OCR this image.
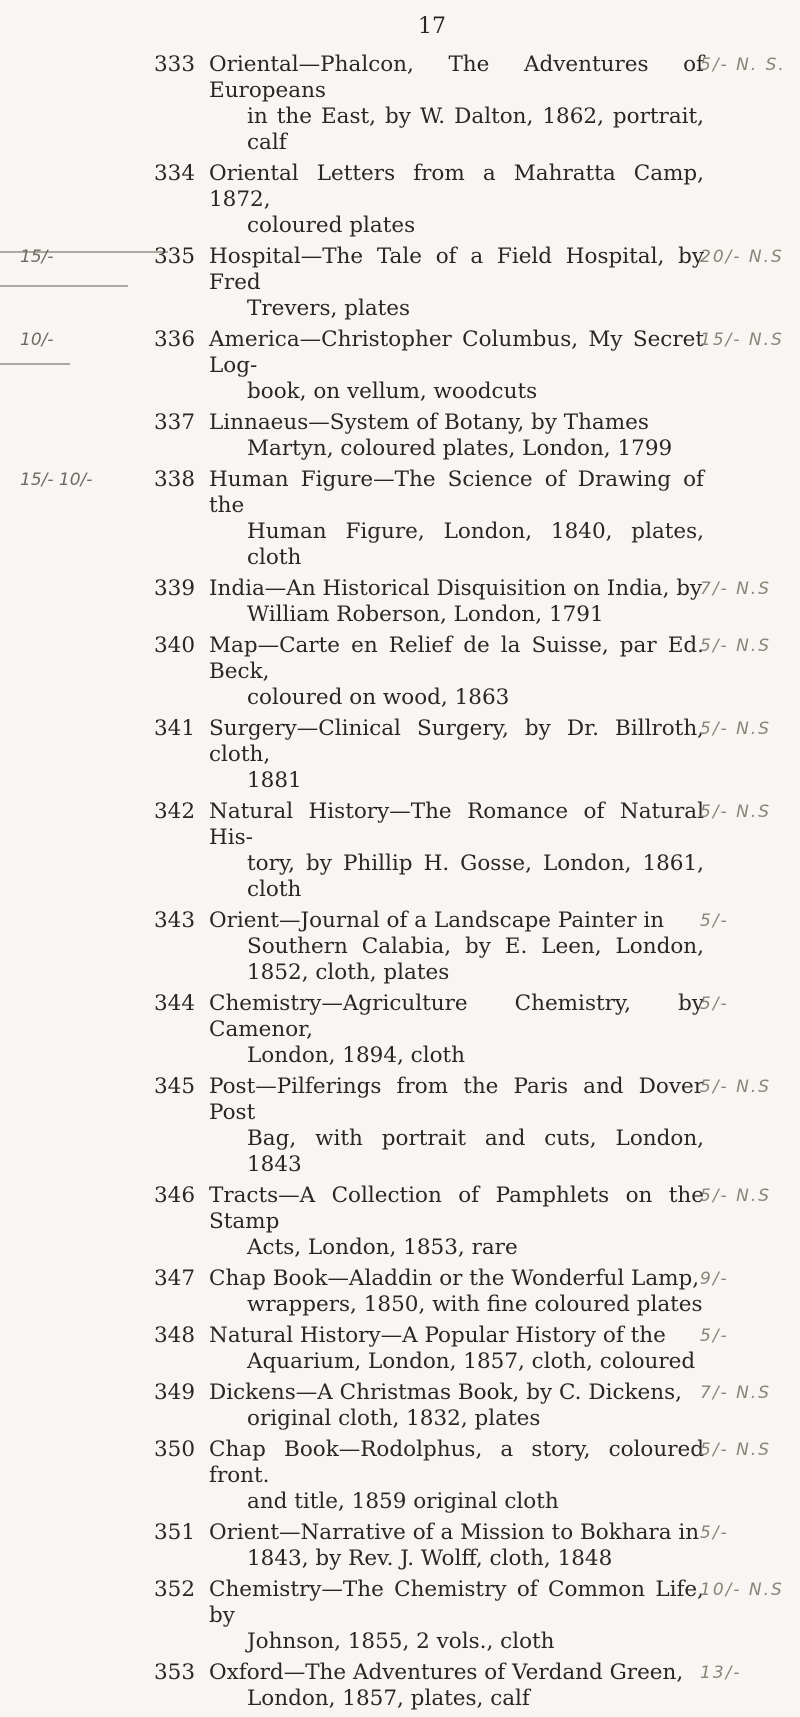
17
333 Oriental—Phalcon, The Adventures of Europeans
in the East, by W. Dalton, 1862, portrait, calf
5/- N. S.
334 Oriental Letters from a Mahratta Camp, 1872,
coloured plates
335 Hospital—The Tale of a Field Hospital, by Fred
Trevers, plates
20/- N.S
15/-
336 America—Christopher Columbus, My Secret Log-
book, on vellum, woodcuts
15/- N.S
10/-
337 Linnaeus—System of Botany, by Thames
Martyn, coloured plates, London, 1799
338 Human Figure—The Science of Drawing of the
Human Figure, London, 1840, plates, cloth
15/- 10/-
339 India—An Historical Disquisition on India, by
William Roberson, London, 1791
7/- N.S
340 Map—Carte en Relief de la Suisse, par Ed. Beck,
coloured on wood, 1863
5/- N.S
341 Surgery—Clinical Surgery, by Dr. Billroth, cloth,
1881
5/- N.S
342 Natural History—The Romance of Natural His-
tory, by Phillip H. Gosse, London, 1861, cloth
5/- N.S
343 Orient—Journal of a Landscape Painter in
Southern Calabia, by E. Leen, London, 1852, cloth, plates
5/-
344 Chemistry—Agriculture Chemistry, by Camenor,
London, 1894, cloth
5/-
345 Post—Pilferings from the Paris and Dover Post
Bag, with portrait and cuts, London, 1843
5/- N.S
346 Tracts—A Collection of Pamphlets on the Stamp
Acts, London, 1853, rare
5/- N.S
347 Chap Book—Aladdin or the Wonderful Lamp,
wrappers, 1850, with fine coloured plates
9/-
348 Natural History—A Popular History of the
Aquarium, London, 1857, cloth, coloured
5/-
349 Dickens—A Christmas Book, by C. Dickens,
original cloth, 1832, plates
7/- N.S
350 Chap Book—Rodolphus, a story, coloured front.
and title, 1859 original cloth
5/- N.S
351 Orient—Narrative of a Mission to Bokhara in
1843, by Rev. J. Wolff, cloth, 1848
5/-
352 Chemistry—The Chemistry of Common Life, by
Johnson, 1855, 2 vols., cloth
10/- N.S
353 Oxford—The Adventures of Verdand Green,
London, 1857, plates, calf
13/-
